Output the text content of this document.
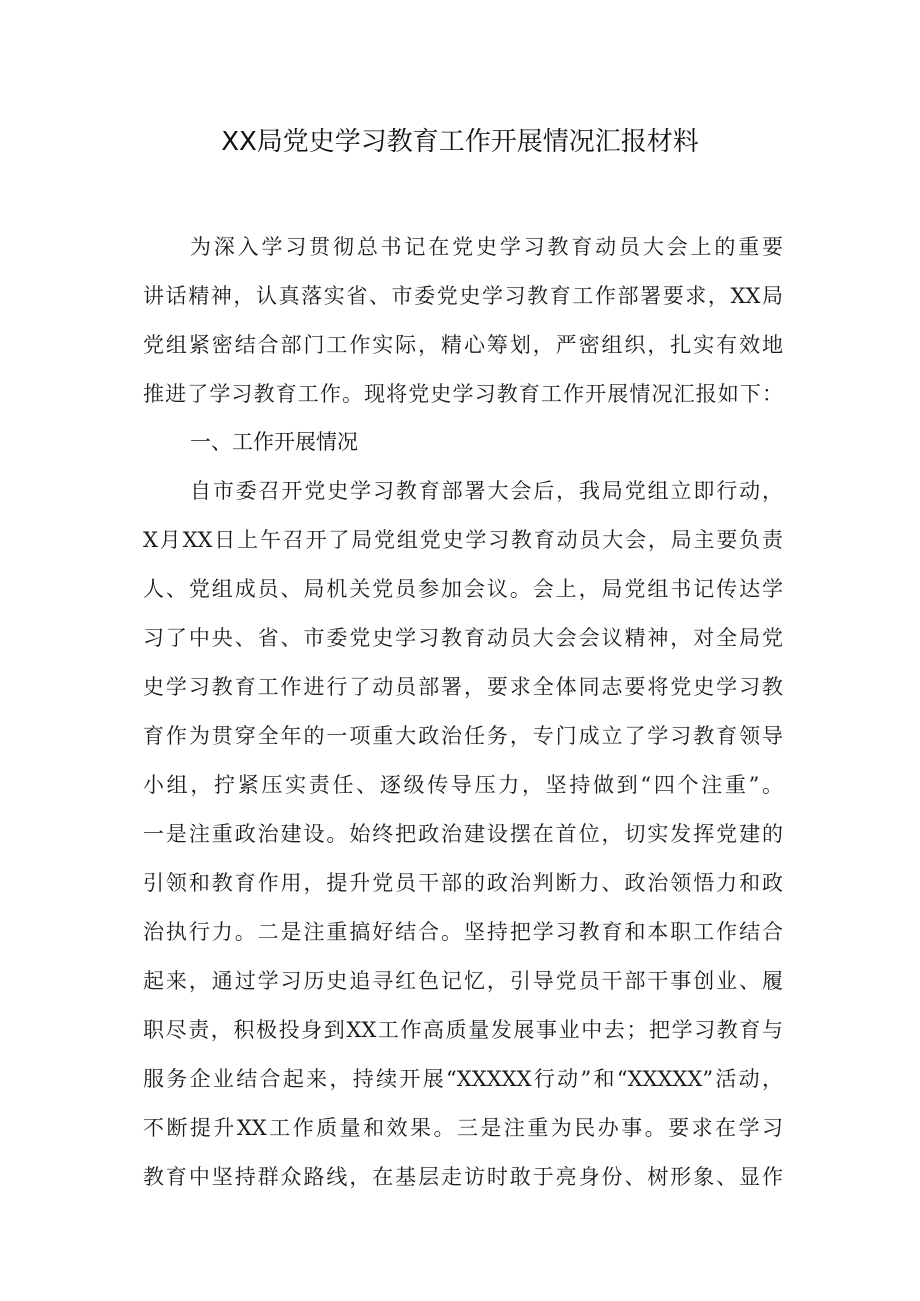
XX局党史学习教育工作开展情况汇报材料

为深入学习贯彻总书记在党史学习教育动员大会上的重要

讲话精神，认真落实省、市委党史学习教育工作部署要求，XX局

党组紧密结合部门工作实际，精心筹划，严密组织，扎实有效地

推进了学习教育工作。现将党史学习教育工作开展情况汇报如下：

一、工作开展情况

自市委召开党史学习教育部署大会后，我局党组立即行动，

X月XX日上午召开了局党组党史学习教育动员大会，局主要负责

人、党组成员、局机关党员参加会议。会上，局党组书记传达学

习了中央、省、市委党史学习教育动员大会会议精神，对全局党

史学习教育工作进行了动员部署，要求全体同志要将党史学习教

育作为贯穿全年的一项重大政治任务，专门成立了学习教育领导

小组，拧紧压实责任、逐级传导压力，坚持做到“四个注重”。

一是注重政治建设。始终把政治建设摆在首位，切实发挥党建的

引领和教育作用，提升党员干部的政治判断力、政治领悟力和政

治执行力。二是注重搞好结合。坚持把学习教育和本职工作结合

起来，通过学习历史追寻红色记忆，引导党员干部干事创业、履

职尽责，积极投身到XX工作高质量发展事业中去；把学习教育与

服务企业结合起来，持续开展“XXXXX行动”和“XXXXX”活动，

不断提升XX工作质量和效果。三是注重为民办事。要求在学习

教育中坚持群众路线，在基层走访时敢于亮身份、树形象、显作
